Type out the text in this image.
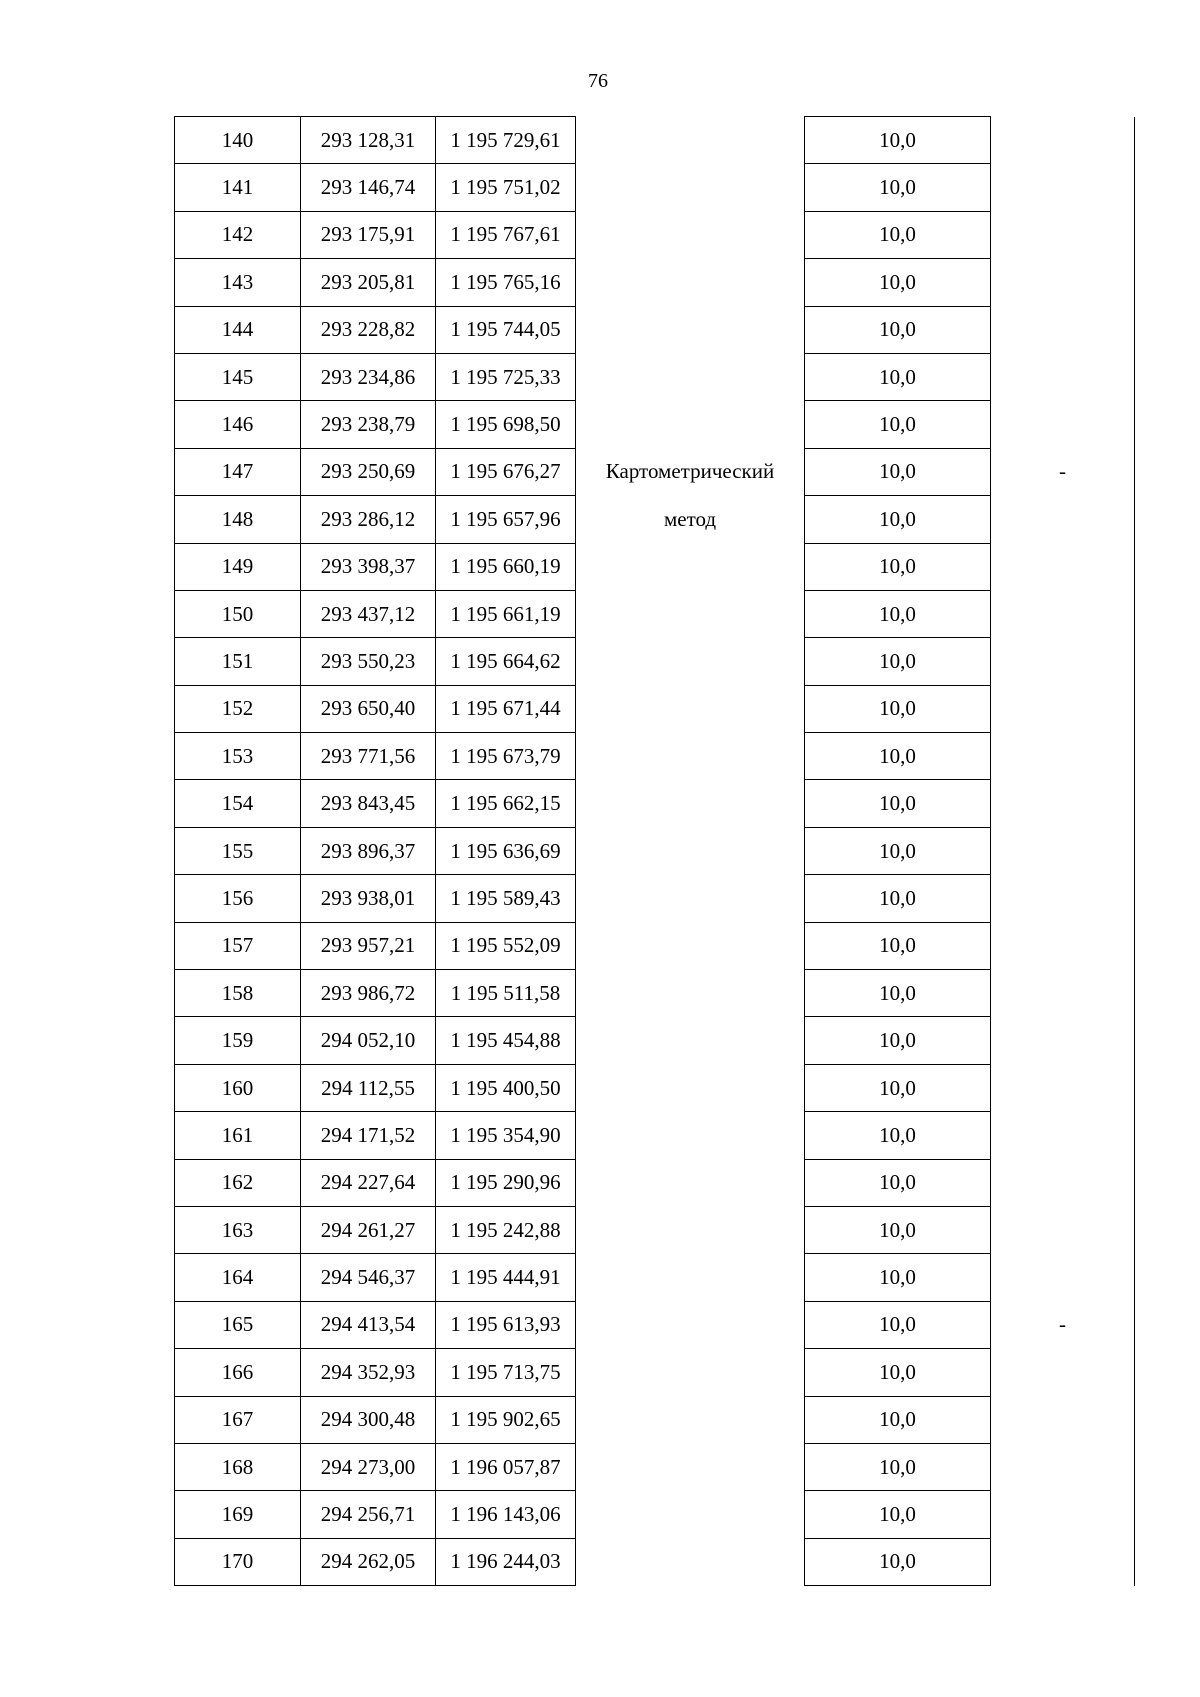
76
140	293 128,31	1 195 729,61		10,0	
141	293 146,74	1 195 751,02		10,0	
142	293 175,91	1 195 767,61		10,0	
143	293 205,81	1 195 765,16		10,0	
144	293 228,82	1 195 744,05		10,0	
145	293 234,86	1 195 725,33		10,0	
146	293 238,79	1 195 698,50		10,0	
147	293 250,69	1 195 676,27	Картометрический	10,0	-
148	293 286,12	1 195 657,96	метод	10,0	
149	293 398,37	1 195 660,19		10,0	
150	293 437,12	1 195 661,19		10,0	
151	293 550,23	1 195 664,62		10,0	
152	293 650,40	1 195 671,44		10,0	
153	293 771,56	1 195 673,79		10,0	
154	293 843,45	1 195 662,15		10,0	
155	293 896,37	1 195 636,69		10,0	
156	293 938,01	1 195 589,43		10,0	
157	293 957,21	1 195 552,09		10,0	
158	293 986,72	1 195 511,58		10,0	
159	294 052,10	1 195 454,88		10,0	
160	294 112,55	1 195 400,50		10,0	
161	294 171,52	1 195 354,90		10,0	
162	294 227,64	1 195 290,96		10,0	
163	294 261,27	1 195 242,88		10,0	
164	294 546,37	1 195 444,91		10,0	
165	294 413,54	1 195 613,93		10,0	-
166	294 352,93	1 195 713,75		10,0	
167	294 300,48	1 195 902,65		10,0	
168	294 273,00	1 196 057,87		10,0	
169	294 256,71	1 196 143,06		10,0	
170	294 262,05	1 196 244,03		10,0	
